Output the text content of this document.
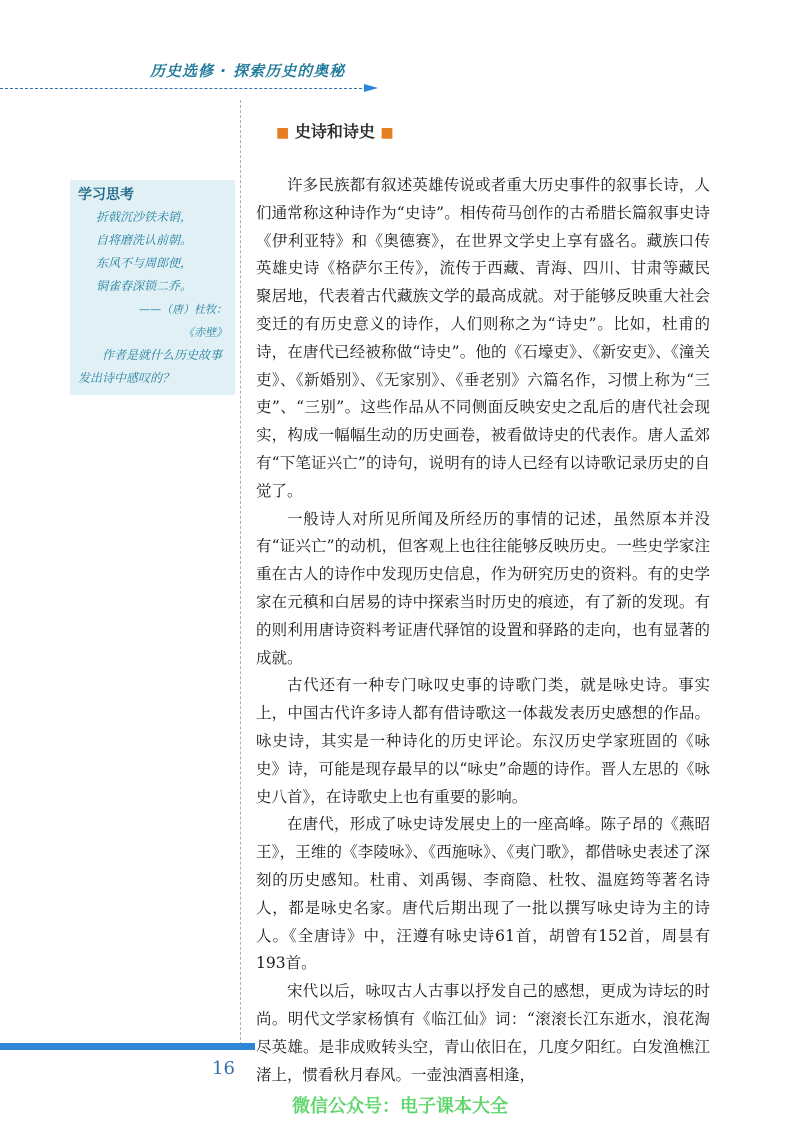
历史选修 · 探索历史的奥秘
■ 史诗和诗史 ■
学习思考

折戟沉沙铁未销，

自将磨洗认前朝。

东风不与周郎便，

铜雀春深锁二乔。

——（唐）杜牧：

《赤壁》

作者是就什么历史故事发出诗中感叹的？

许多民族都有叙述英雄传说或者重大历史事件的叙事长诗，人们通常称这种诗作为“史诗”。相传荷马创作的古希腊长篇叙事史诗《伊利亚特》和《奥德赛》，在世界文学史上享有盛名。藏族口传英雄史诗《格萨尔王传》，流传于西藏、青海、四川、甘肃等藏民聚居地，代表着古代藏族文学的最高成就。对于能够反映重大社会变迁的有历史意义的诗作，人们则称之为“诗史”。比如，杜甫的诗，在唐代已经被称做“诗史”。他的《石壕吏》、《新安吏》、《潼关吏》、《新婚别》、《无家别》、《垂老别》六篇名作，习惯上称为“三吏”、“三别”。这些作品从不同侧面反映安史之乱后的唐代社会现实，构成一幅幅生动的历史画卷，被看做诗史的代表作。唐人孟郊有“下笔证兴亡”的诗句，说明有的诗人已经有以诗歌记录历史的自觉了。

一般诗人对所见所闻及所经历的事情的记述，虽然原本并没有“证兴亡”的动机，但客观上也往往能够反映历史。一些史学家注重在古人的诗作中发现历史信息，作为研究历史的资料。有的史学家在元稹和白居易的诗中探索当时历史的痕迹，有了新的发现。有的则利用唐诗资料考证唐代驿馆的设置和驿路的走向，也有显著的成就。

古代还有一种专门咏叹史事的诗歌门类，就是咏史诗。事实上，中国古代许多诗人都有借诗歌这一体裁发表历史感想的作品。咏史诗，其实是一种诗化的历史评论。东汉历史学家班固的《咏史》诗，可能是现存最早的以“咏史”命题的诗作。晋人左思的《咏史八首》，在诗歌史上也有重要的影响。

在唐代，形成了咏史诗发展史上的一座高峰。陈子昂的《燕昭王》，王维的《李陵咏》、《西施咏》、《夷门歌》，都借咏史表述了深刻的历史感知。杜甫、刘禹锡、李商隐、杜牧、温庭筠等著名诗人，都是咏史名家。唐代后期出现了一批以撰写咏史诗为主的诗人。《全唐诗》中，汪遵有咏史诗61首，胡曾有152首，周昙有193首。

宋代以后，咏叹古人古事以抒发自己的感想，更成为诗坛的时尚。明代文学家杨慎有《临江仙》词：“滚滚长江东逝水，浪花淘尽英雄。是非成败转头空，青山依旧在，几度夕阳红。白发渔樵江渚上，惯看秋月春风。一壶浊酒喜相逢，

16
微信公众号：电子课本大全
